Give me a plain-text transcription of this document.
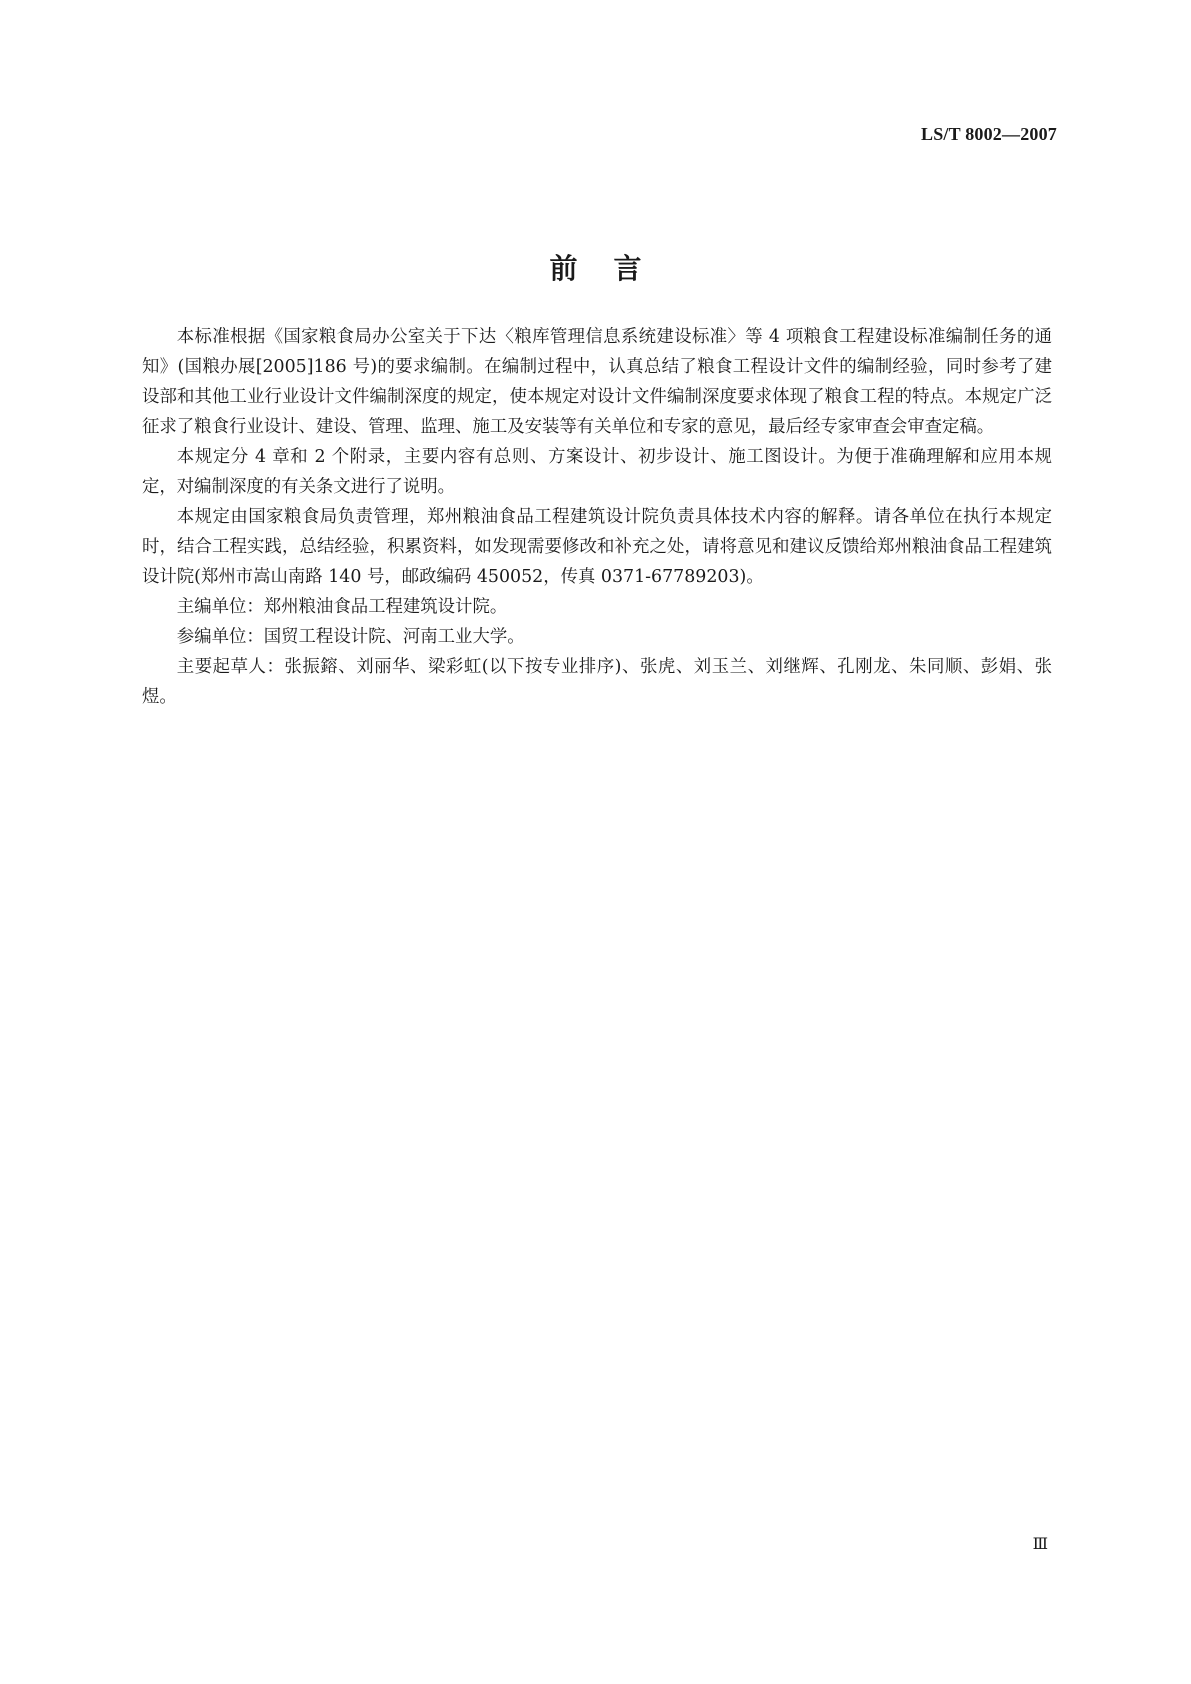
LS/T 8002—2007
前言

本标准根据《国家粮食局办公室关于下达〈粮库管理信息系统建设标准〉等 4 项粮食工程建设标准编制任务的通知》(国粮办展[2005]186 号)的要求编制。在编制过程中，认真总结了粮食工程设计文件的编制经验，同时参考了建设部和其他工业行业设计文件编制深度的规定，使本规定对设计文件编制深度要求体现了粮食工程的特点。本规定广泛征求了粮食行业设计、建设、管理、监理、施工及安装等有关单位和专家的意见，最后经专家审查会审查定稿。

本规定分 4 章和 2 个附录，主要内容有总则、方案设计、初步设计、施工图设计。为便于准确理解和应用本规定，对编制深度的有关条文进行了说明。

本规定由国家粮食局负责管理，郑州粮油食品工程建筑设计院负责具体技术内容的解释。请各单位在执行本规定时，结合工程实践，总结经验，积累资料，如发现需要修改和补充之处，请将意见和建议反馈给郑州粮油食品工程建筑设计院(郑州市嵩山南路 140 号，邮政编码 450052，传真 0371-67789203)。

主编单位：郑州粮油食品工程建筑设计院。

参编单位：国贸工程设计院、河南工业大学。

主要起草人：张振鎔、刘丽华、梁彩虹(以下按专业排序)、张虎、刘玉兰、刘继辉、孔刚龙、朱同顺、彭娟、张煜。

Ⅲ
